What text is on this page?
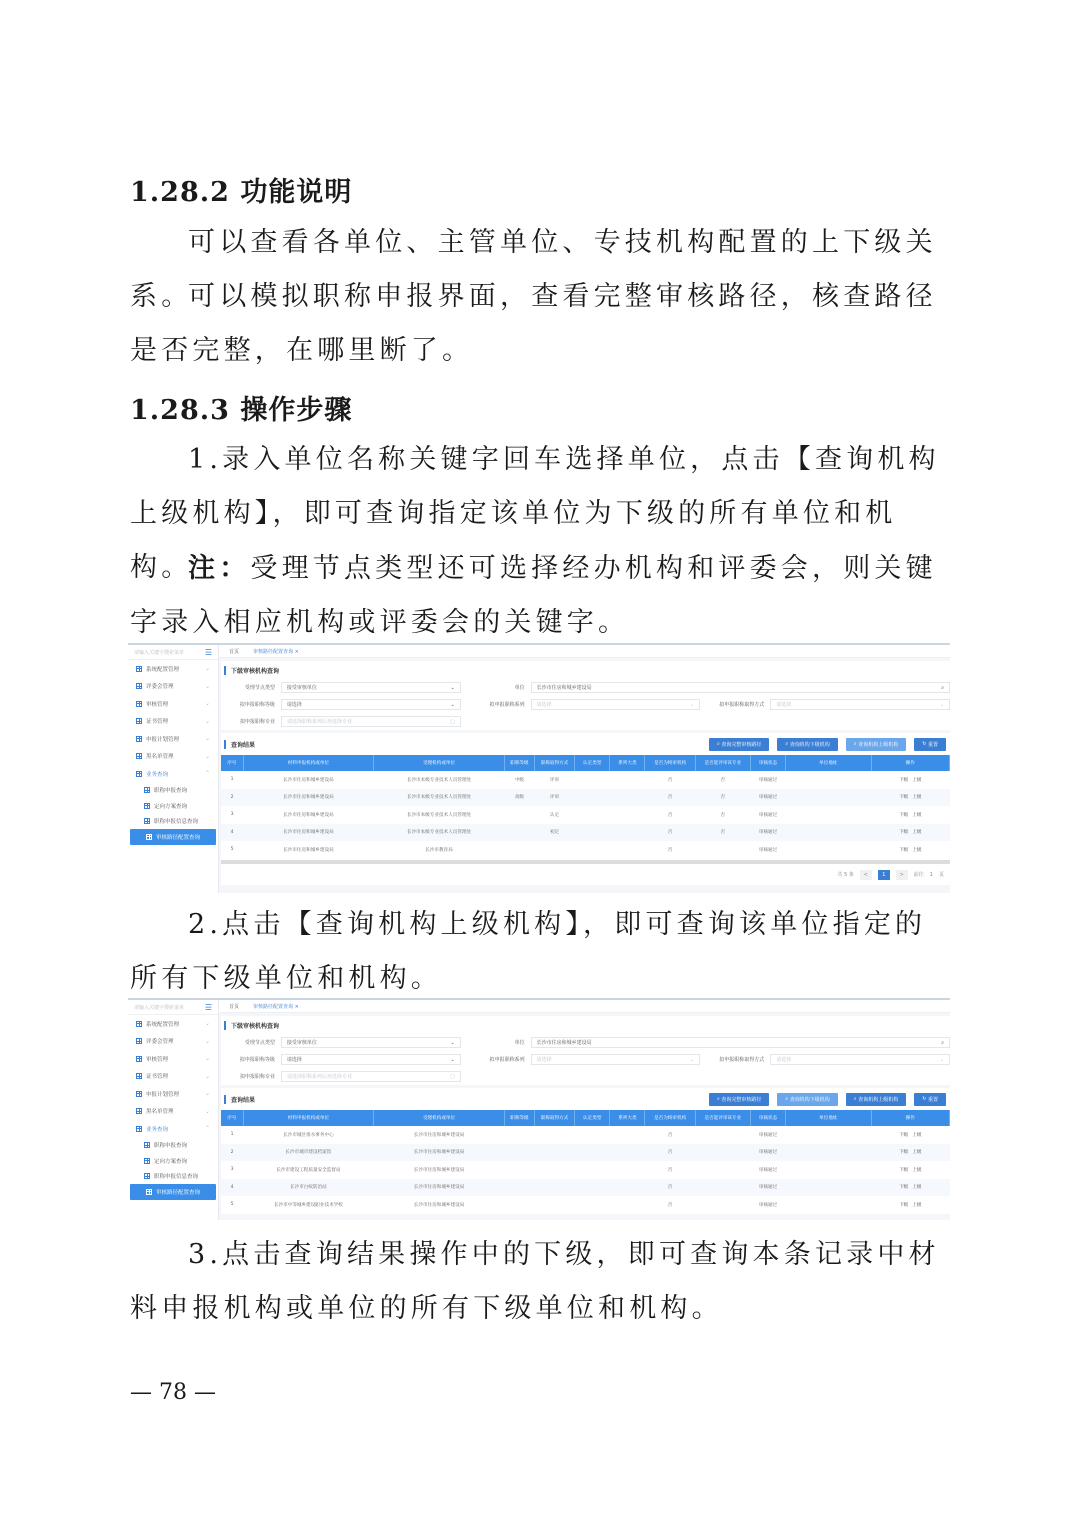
1.28.2 功能说明
可以查看各单位、主管单位、专技机构配置的上下级关系。
可以模拟职称申报界面，查看完整审核路径，核查路径是否完整，在哪里断了。
1.28.3 操作步骤
1.录入单位名称关键字回车选择单位，点击【查询机构上级机构】，即可查询指定该单位为下级的所有单位和机构。
注：受理节点类型还可选择经办机构和评委会，则关键字录入相应机构或评委会的关键字。
请输入关键字搜索菜单	☰
系统配置管理	⌄
评委会管理	⌄
审核管理	⌄
证书管理	⌄
申报计划管理	⌄
黑名单管理	⌄
业务查询	⌃
职称申报查询
定向方案查询
职称申报信息查询
审核路径配置查询
首页	审核路径配置查询 ×
下级审核机构查询
受理节点类型	接受审核单位	⌄	单位	长沙市住房和城乡建设局	⌕
拟申报职称等级	请选择	⌄	拟申报职称系列	请选择	⌄	拟申报职称取得方式	请选择	⌄
拟申报职称专业	请选择职称系列后再选择专业	▢
查询结果	⌕ 查询完整审核路径	⌕ 查询机构下级机构	⌕ 查询机构上级机构	↻ 重置
序号	材料申报机构或单位	受理机构或单位	职称等级	职称取得方式	认定类型	系列大类	是否为终审机构	是否能评审该专业	审核状态	单位地址	操作
1	长沙市住房和城乡建设局	长沙市本级专业技术人员管理处	中级	评审			否	否	审核通过		下级 上级
2	长沙市住房和城乡建设局	长沙市本级专业技术人员管理处	高级	评审			否	否	审核通过		下级 上级
3	长沙市住房和城乡建设局	长沙市本级专业技术人员管理处		认定			否	否	审核通过		下级 上级
4	长沙市住房和城乡建设局	长沙市本级专业技术人员管理处		初定			否	否	审核通过		下级 上级
5	长沙市住房和城乡建设局	长沙市教育局					否		审核通过		下级 上级
共 5 条	<	1	>	前往 1 页
2.点击【查询机构上级机构】，即可查询该单位指定的所有下级单位和机构。
请输入关键字搜索菜单	☰
系统配置管理	⌄
评委会管理	⌄
审核管理	⌄
证书管理	⌄
申报计划管理	⌄
黑名单管理	⌄
业务查询	⌃
职称申报查询
定向方案查询
职称申报信息查询
审核路径配置查询
首页	审核路径配置查询 ×
下级审核机构查询
受理节点类型	接受审核单位	⌄	单位	长沙市住房和城乡建设局	⌕
拟申报职称等级	请选择	⌄	拟申报职称系列	请选择	⌄	拟申报职称取得方式	请选择	⌄
拟申报职称专业	请选择职称系列后再选择专业	▢
查询结果	⌕ 查询完整审核路径	⌕ 查询机构下级机构	⌕ 查询机构上级机构	↻ 重置
序号	材料申报机构或单位	受理机构或单位	职称等级	职称取得方式	认定类型	系列大类	是否为终审机构	是否能评审该专业	审核状态	单位地址	操作
1	长沙市城区排水事务中心	长沙市住房和城乡建设局					否		审核通过		下级 上级
2	长沙市城市建设档案馆	长沙市住房和城乡建设局					否		审核通过		下级 上级
3	长沙市建设工程质量安全监督站	长沙市住房和城乡建设局					否		审核通过		下级 上级
4	长沙市白蚁防治站	长沙市住房和城乡建设局					否		审核通过		下级 上级
5	长沙市中等城乡建设职业技术学校	长沙市住房和城乡建设局					否		审核通过		下级 上级
3.点击查询结果操作中的下级，即可查询本条记录中材料申报机构或单位的所有下级单位和机构。
— 78 —
